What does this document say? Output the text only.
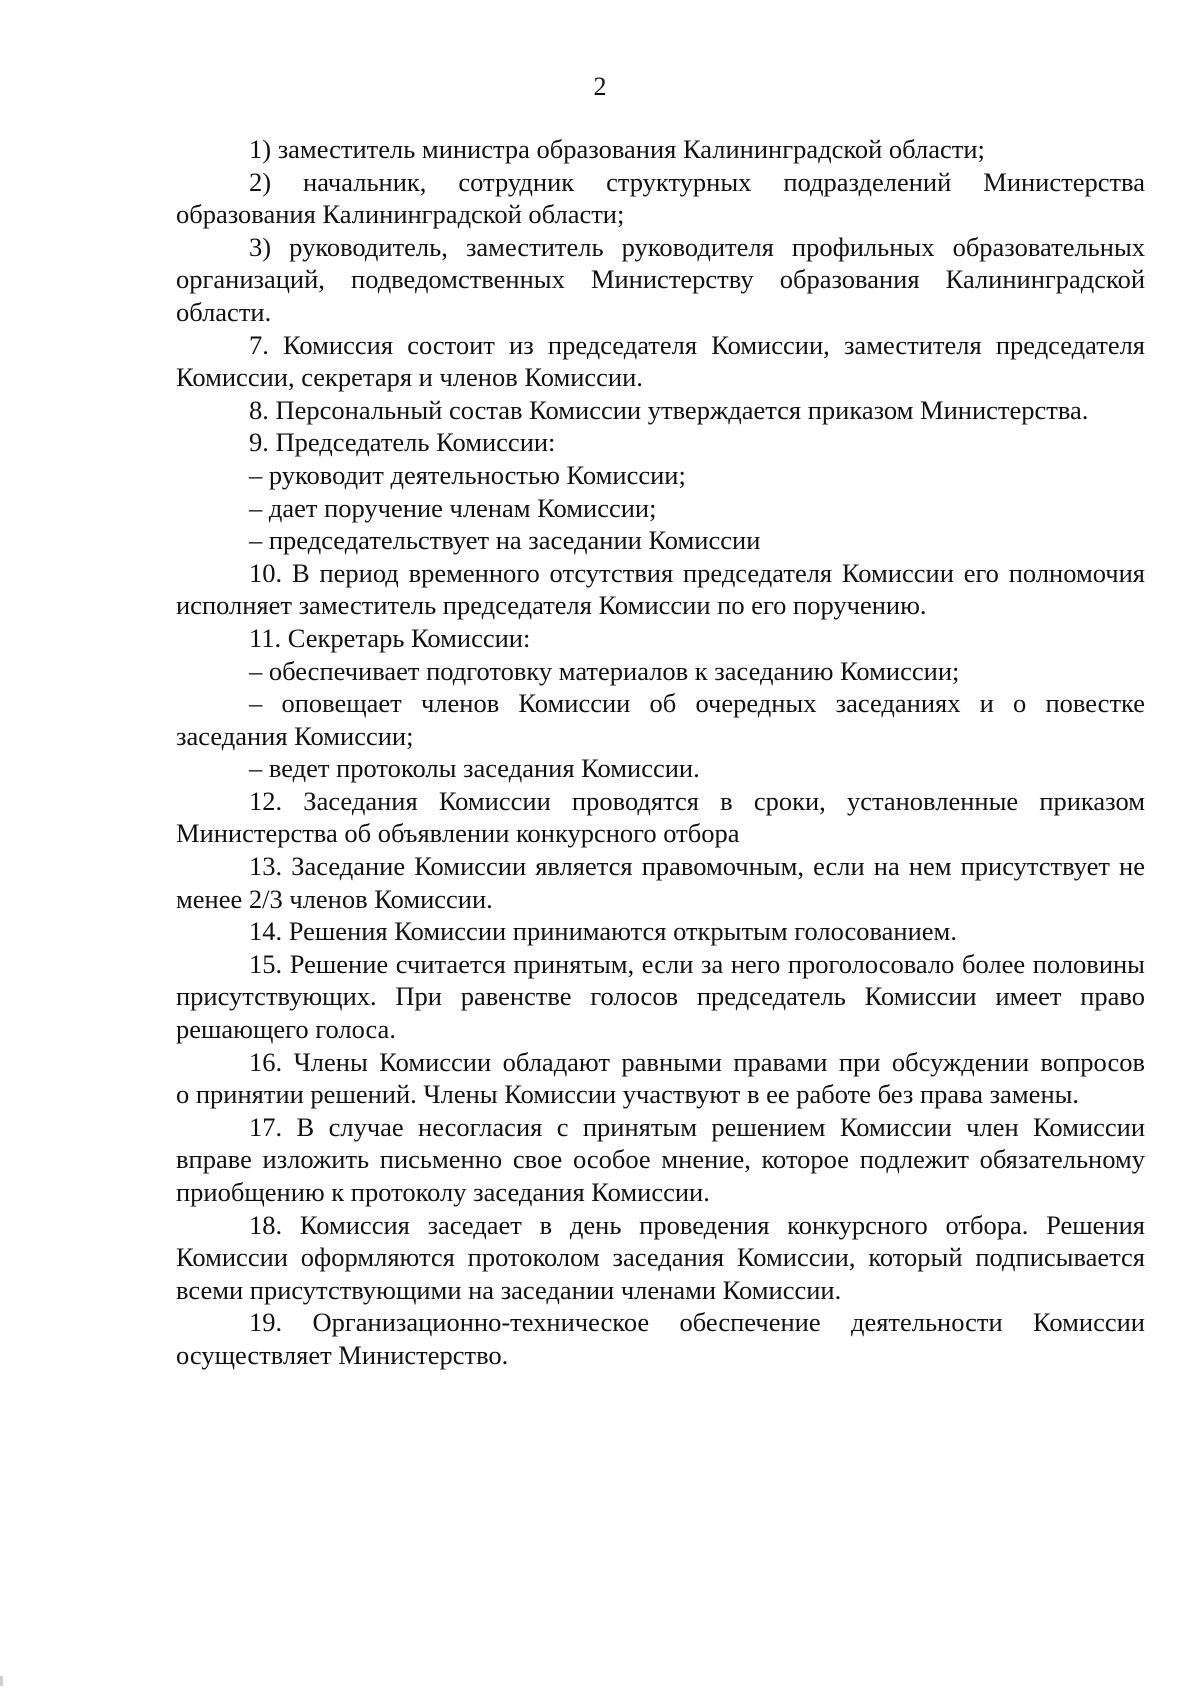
2

1) заместитель министра образования Калининградской области;

2) начальник, сотрудник структурных подразделений Министерства образования Калининградской области;

3) руководитель, заместитель руководителя профильных образовательных организаций, подведомственных Министерству образования Калининградской области.

7. Комиссия состоит из председателя Комиссии, заместителя председателя Комиссии, секретаря и членов Комиссии.

8. Персональный состав Комиссии утверждается приказом Министерства.

9. Председатель Комиссии:

– руководит деятельностью Комиссии;

– дает поручение членам Комиссии;

– председательствует на заседании Комиссии

10. В период временного отсутствия председателя Комиссии его полномочия исполняет заместитель председателя Комиссии по его поручению.

11. Секретарь Комиссии:

– обеспечивает подготовку материалов к заседанию Комиссии;

– оповещает членов Комиссии об очередных заседаниях и о повестке заседания Комиссии;

– ведет протоколы заседания Комиссии.

12. Заседания Комиссии проводятся в сроки, установленные приказом Министерства об объявлении конкурсного отбора

13. Заседание Комиссии является правомочным, если на нем присутствует не менее 2/3 членов Комиссии.

14. Решения Комиссии принимаются открытым голосованием.

15. Решение считается принятым, если за него проголосовало более половины присутствующих. При равенстве голосов председатель Комиссии имеет право решающего голоса.

16. Члены Комиссии обладают равными правами при обсуждении вопросов

о принятии решений. Члены Комиссии участвуют в ее работе без права замены.

17. В случае несогласия с принятым решением Комиссии член Комиссии вправе изложить письменно свое особое мнение, которое подлежит обязательному приобщению к протоколу заседания Комиссии.

18. Комиссия заседает в день проведения конкурсного отбора. Решения Комиссии оформляются протоколом заседания Комиссии, который подписывается всеми присутствующими на заседании членами Комиссии.

19. Организационно-техническое обеспечение деятельности Комиссии осуществляет Министерство.
